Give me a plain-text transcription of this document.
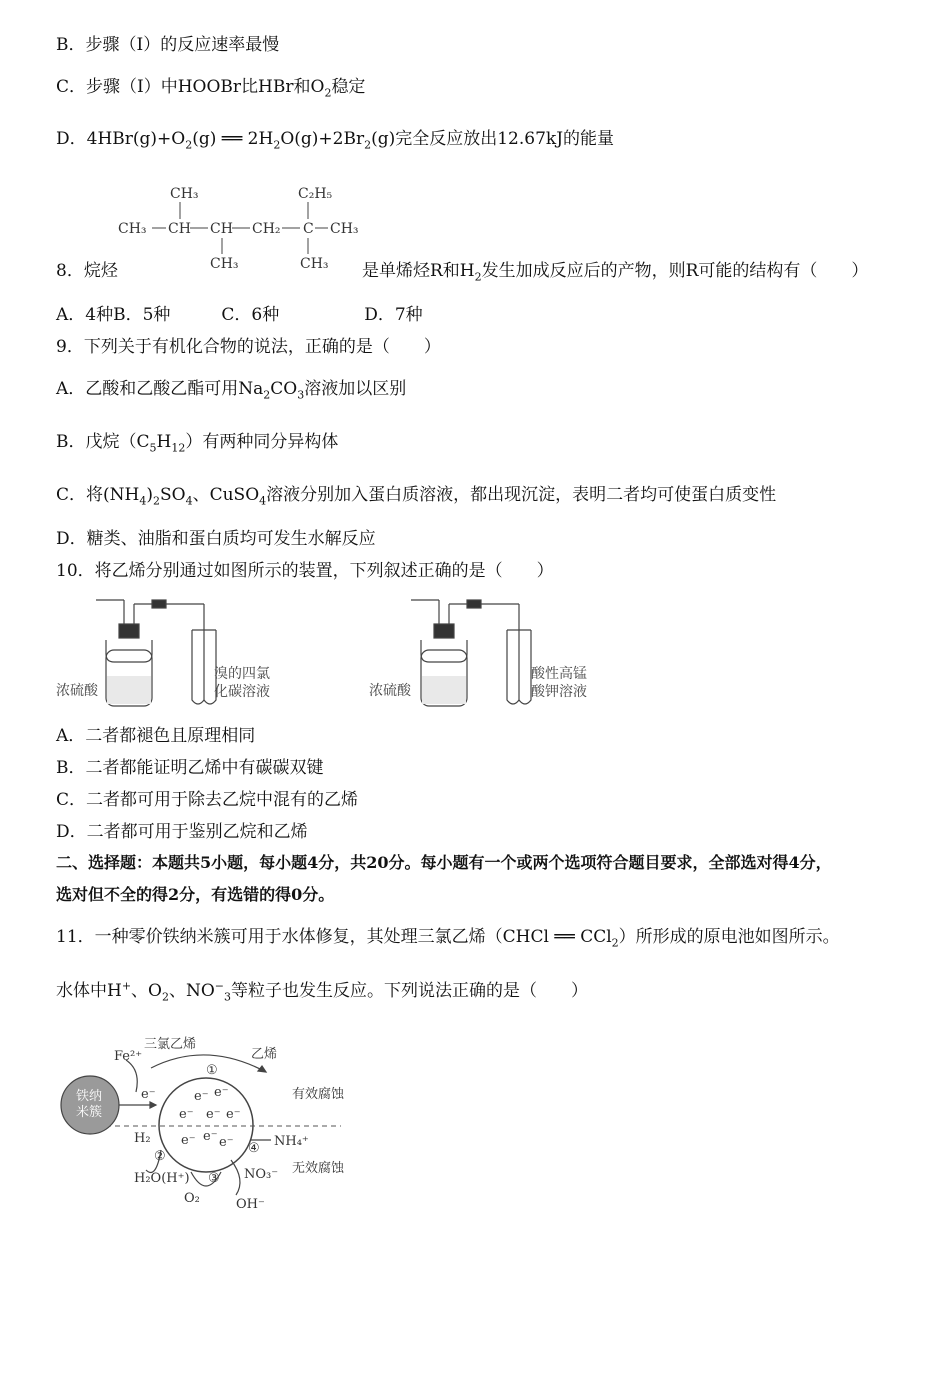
B．步骤（Ⅰ）的反应速率最慢
C．步骤（Ⅰ）中HOOBr比HBr和$O_2$稳定
D．$4HBr(g)+O_2(g)$ ══ $2H_2O(g)+2Br_2(g)$完全反应放出12.67kJ的能量
CH₃	C₂H₅
CH₃ CH CH CH₂ C CH₃
CH₃	CH₃
8．烷烃	是单烯烃R和$H_2$发生加成反应后的产物，则R可能的结构有（　　）
A．4种B．5种　　　C．6种　　　　　D．7种
9．下列关于有机化合物的说法，正确的是（　　）
A．乙酸和乙酸乙酯可用$Na_2CO_3$溶液加以区别
B．戊烷$(C_5H_{12})$有两种同分异构体
C．将$(NH_4)_2SO_4$、CuSO$_4$溶液分别加入蛋白质溶液，都出现沉淀，表明二者均可使蛋白质变性
D．糖类、油脂和蛋白质均可发生水解反应
10．将乙烯分别通过如图所示的装置，下列叙述正确的是（　　）
浓硫酸
溴的四氯
化碳溶液	浓硫酸
酸性高锰
酸钾溶液
A．二者都褪色且原理相同
B．二者都能证明乙烯中有碳碳双键
C．二者都可用于除去乙烷中混有的乙烯
D．二者都可用于鉴别乙烷和乙烯
二、选择题：本题共5小题，每小题4分，共20分。每小题有一个或两个选项符合题目要求，全部选对得4分，
选对但不全的得2分，有选错的得0分。
11．一种零价铁纳米簇可用于水体修复，其处理三氯乙烯（CHCl ══ CCl$_2$）所形成的原电池如图所示。
水体中H+、$O_2$、$NO^-_3$等粒子也发生反应。下列说法正确的是（　　）
铁纳
米簇
Fe²⁺
三氯乙烯
乙烯
①
e⁻	e⁻ e⁻
e⁻ e⁻ e⁻
e⁻ e⁻ e⁻
有效腐蚀
无效腐蚀
H₂
②
③
④ NH₄⁺
NO₃⁻
H₂O(H⁺)
O₂	OH⁻
